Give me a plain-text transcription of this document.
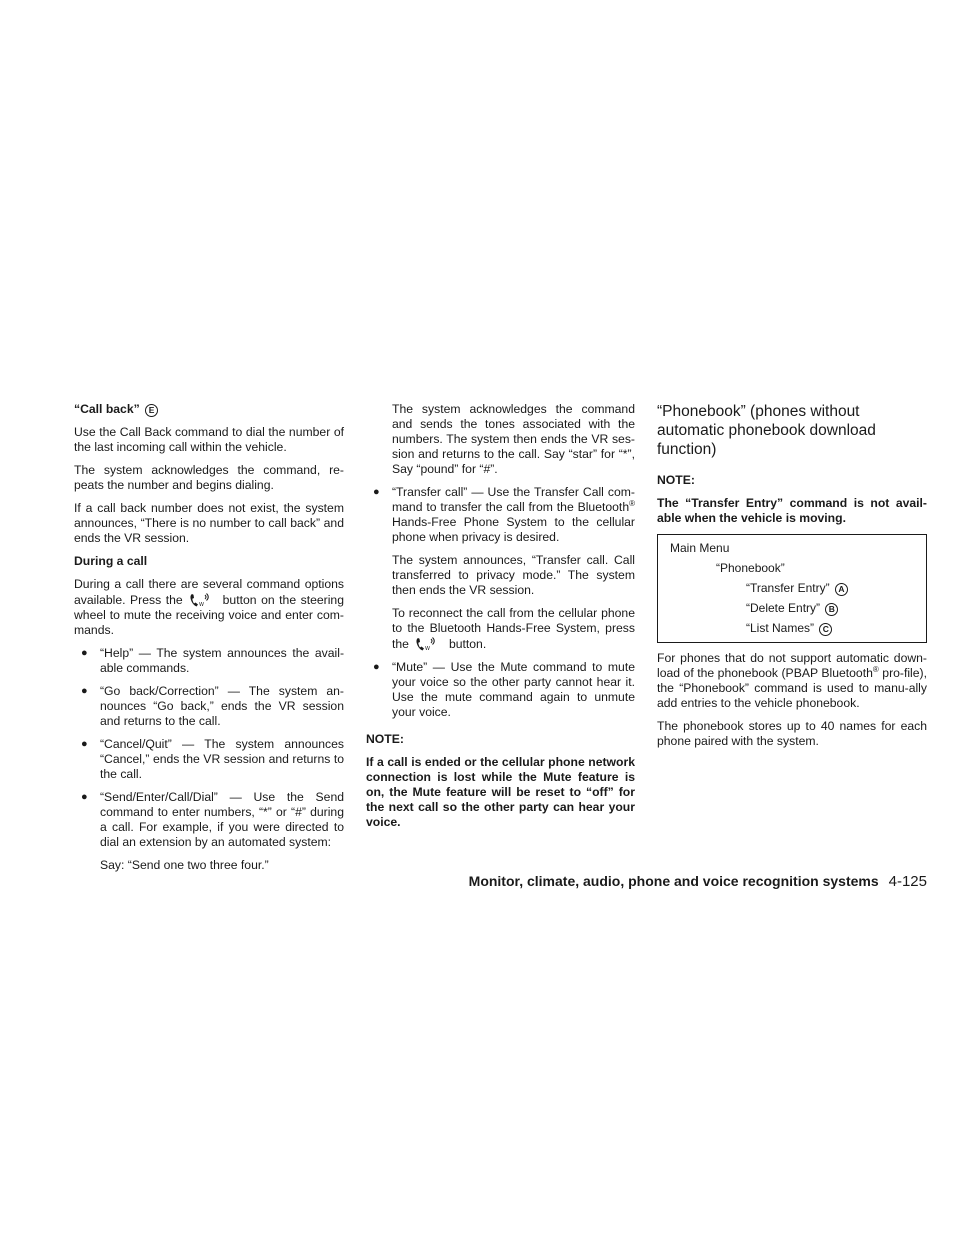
“Call back” E

Use the Call Back command to dial the number of the last incoming call within the vehicle.

The system acknowledges the command, re-peats the number and begins dialing.

If a call back number does not exist, the system announces, “There is no number to call back” and ends the VR session.

During a call

During a call there are several command options available. Press the	W button on the steering wheel to mute the receiving voice and enter com-mands.

● “Help” — The system announces the avail-able commands.
● “Go back/Correction” — The system an-nounces “Go back,” ends the VR session and returns to the call.
● “Cancel/Quit” — The system announces “Cancel,” ends the VR session and returns to the call.
● “Send/Enter/Call/Dial” — Use the Send command to enter numbers, “*” or “#” during a call. For example, if you were directed to dial an extension by an automated system:

Say: “Send one two three four.”

The system acknowledges the command and sends the tones associated with the numbers. The system then ends the VR ses-sion and returns to the call. Say “star” for “*”, Say “pound” for “#”.

● “Transfer call” — Use the Transfer Call com-mand to transfer the call from the Bluetooth® Hands-Free Phone System to the cellular phone when privacy is desired.

The system announces, “Transfer call. Call transferred to privacy mode.” The system then ends the VR session.

To reconnect the call from the cellular phone to the Bluetooth Hands-Free System, press the	W button.

● “Mute” — Use the Mute command to mute your voice so the other party cannot hear it. Use the mute command again to unmute your voice.

NOTE:

If a call is ended or the cellular phone network connection is lost while the Mute feature is on, the Mute feature will be reset to “off” for the next call so the other party can hear your voice.

“Phonebook” (phones without automatic phonebook download function)

NOTE:

The “Transfer Entry” command is not avail-able when the vehicle is moving.

Main Menu
“Phonebook”
“Transfer Entry” A
“Delete Entry” B
“List Names” C

For phones that do not support automatic down-load of the phonebook (PBAP Bluetooth® pro-file), the “Phonebook” command is used to manu-ally add entries to the vehicle phonebook.

The phonebook stores up to 40 names for each phone paired with the system.

Monitor, climate, audio, phone and voice recognition systems 4-125
